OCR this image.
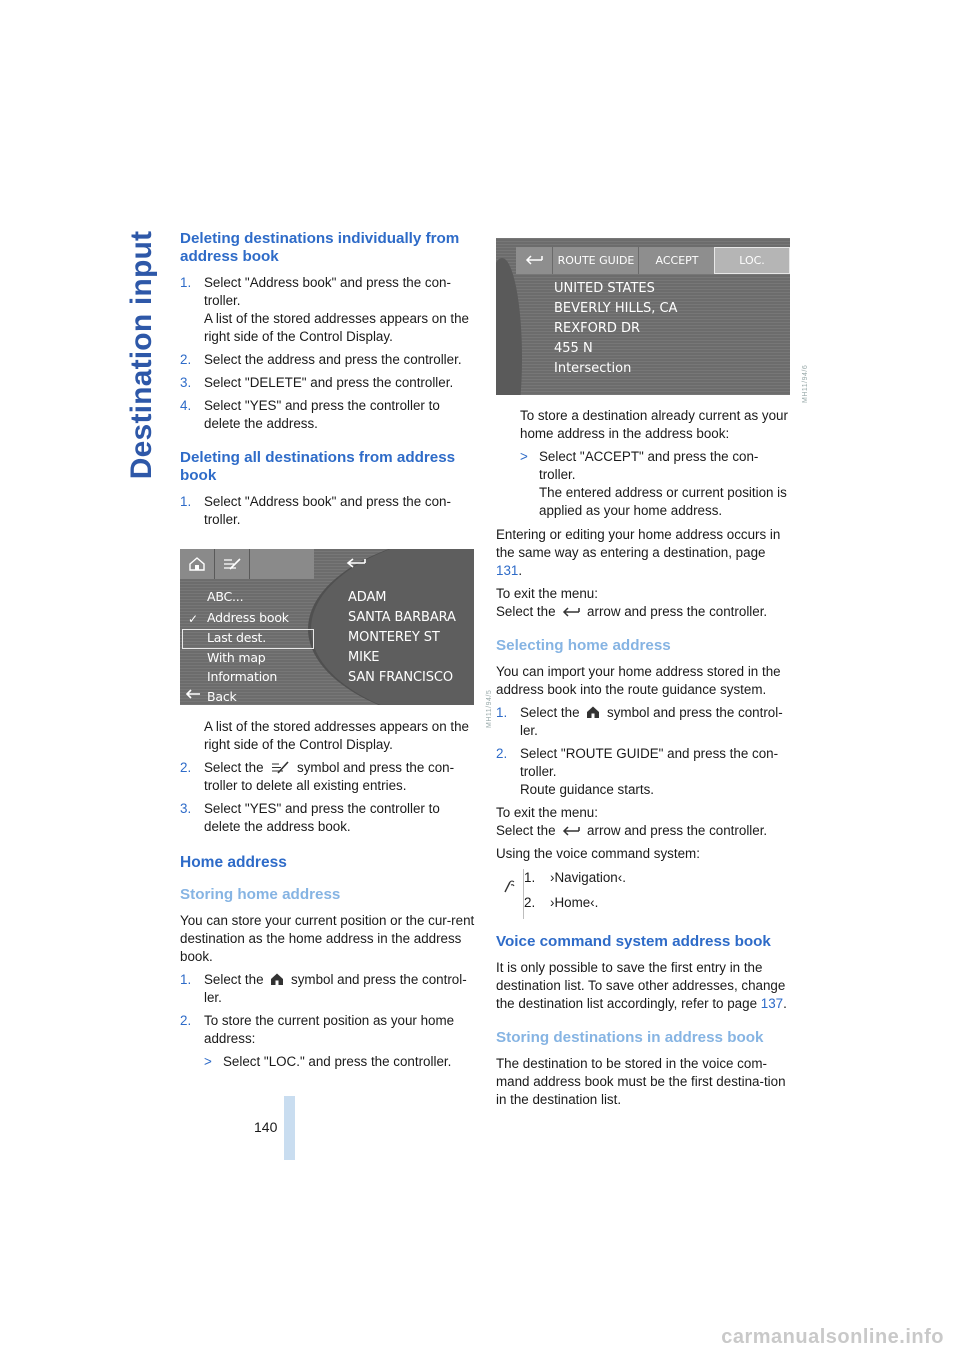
Destination input
140
Deleting destinations individually from address book
1. Select "Address book" and press the con-troller.
A list of the stored addresses appears on the right side of the Control Display.
2. Select the address and press the controller.
3. Select "DELETE" and press the controller.
4. Select "YES" and press the controller to delete the address.
Deleting all destinations from address book
1. Select "Address book" and press the con-troller.
ABC...
✓ Address book
Last dest.
With map
Information
Back
ADAM
SANTA BARBARA
MONTEREY ST
MIKE
SAN FRANCISCO
MH11/94/5

A list of the stored addresses appears on the right side of the Control Display.

2. Select the symbol and press the con-troller to delete all existing entries.
3. Select "YES" and press the controller to delete the address book.
Home address
Storing home address

You can store your current position or the cur-rent destination as the home address in the address book.

1. Select the symbol and press the control-ler.
2. To store the current position as your home address:
> Select "LOC." and press the controller.
ROUTE GUIDE	ACCEPT	LOC.
UNITED STATES
BEVERLY HILLS, CA
REXFORD DR
455 N
Intersection	MH11/94/6

To store a destination already current as your home address in the address book:

> Select "ACCEPT" and press the con-troller.
The entered address or current position is applied as your home address.

Entering or editing your home address occurs in the same way as entering a destination, page 131.

To exit the menu:

Select the arrow and press the controller.

Selecting home address

You can import your home address stored in the address book into the route guidance system.

1. Select the symbol and press the control-ler.
2. Select "ROUTE GUIDE" and press the con-troller.
Route guidance starts.

To exit the menu:

Select the arrow and press the controller.

Using the voice command system:

1.	›Navigation‹.
2.	›Home‹.
Voice command system address book

It is only possible to save the first entry in the destination list. To save other addresses, change the destination list accordingly, refer to page 137.

Storing destinations in address book

The destination to be stored in the voice com-mand address book must be the first destina-tion in the destination list.

carmanualsonline.info
